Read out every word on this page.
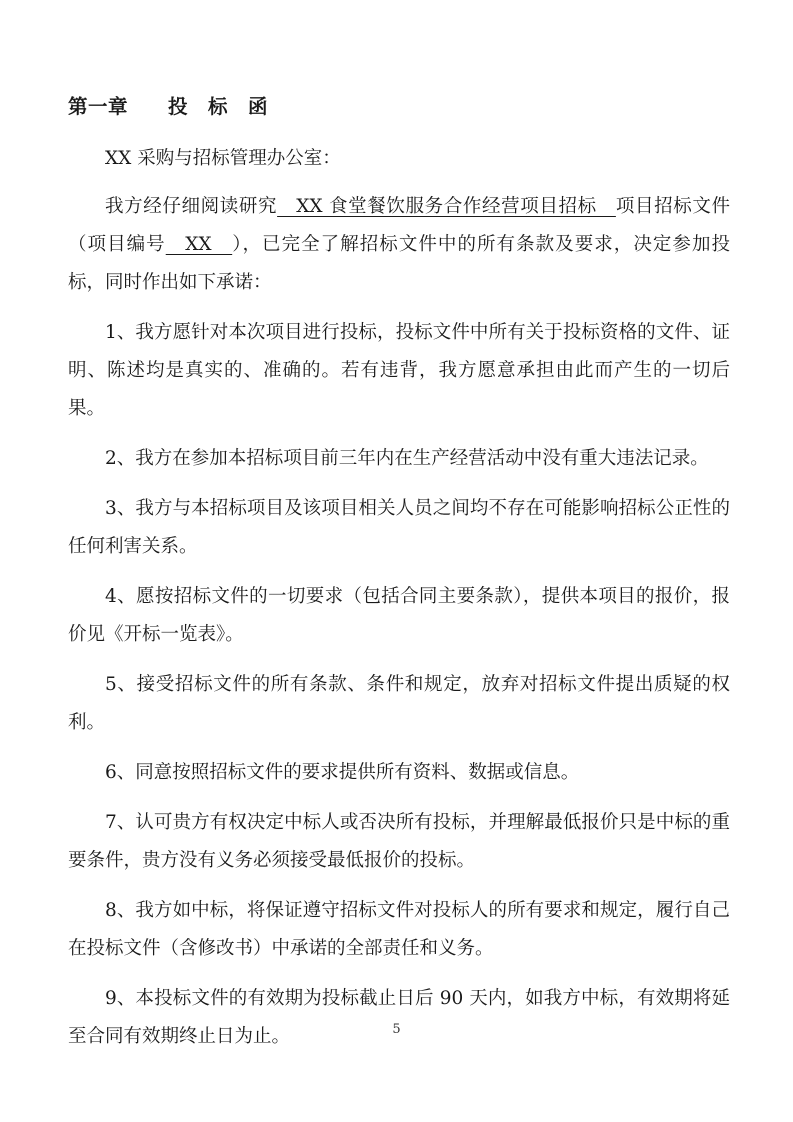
第一章　　投　标　函

XX 采购与招标管理办公室：

我方经仔细阅读研究　XX 食堂餐饮服务合作经营项目招标　项目招标文件（项目编号　XX　），已完全了解招标文件中的所有条款及要求，决定参加投标，同时作出如下承诺：

1、我方愿针对本次项目进行投标，投标文件中所有关于投标资格的文件、证明、陈述均是真实的、准确的。若有违背，我方愿意承担由此而产生的一切后果。

2、我方在参加本招标项目前三年内在生产经营活动中没有重大违法记录。

3、我方与本招标项目及该项目相关人员之间均不存在可能影响招标公正性的任何利害关系。

4、愿按招标文件的一切要求（包括合同主要条款），提供本项目的报价，报价见《开标一览表》。

5、接受招标文件的所有条款、条件和规定，放弃对招标文件提出质疑的权利。

6、同意按照招标文件的要求提供所有资料、数据或信息。

7、认可贵方有权决定中标人或否决所有投标，并理解最低报价只是中标的重要条件，贵方没有义务必须接受最低报价的投标。

8、我方如中标，将保证遵守招标文件对投标人的所有要求和规定，履行自己在投标文件（含修改书）中承诺的全部责任和义务。

9、本投标文件的有效期为投标截止日后 90 天内，如我方中标，有效期将延至合同有效期终止日为止。	5
